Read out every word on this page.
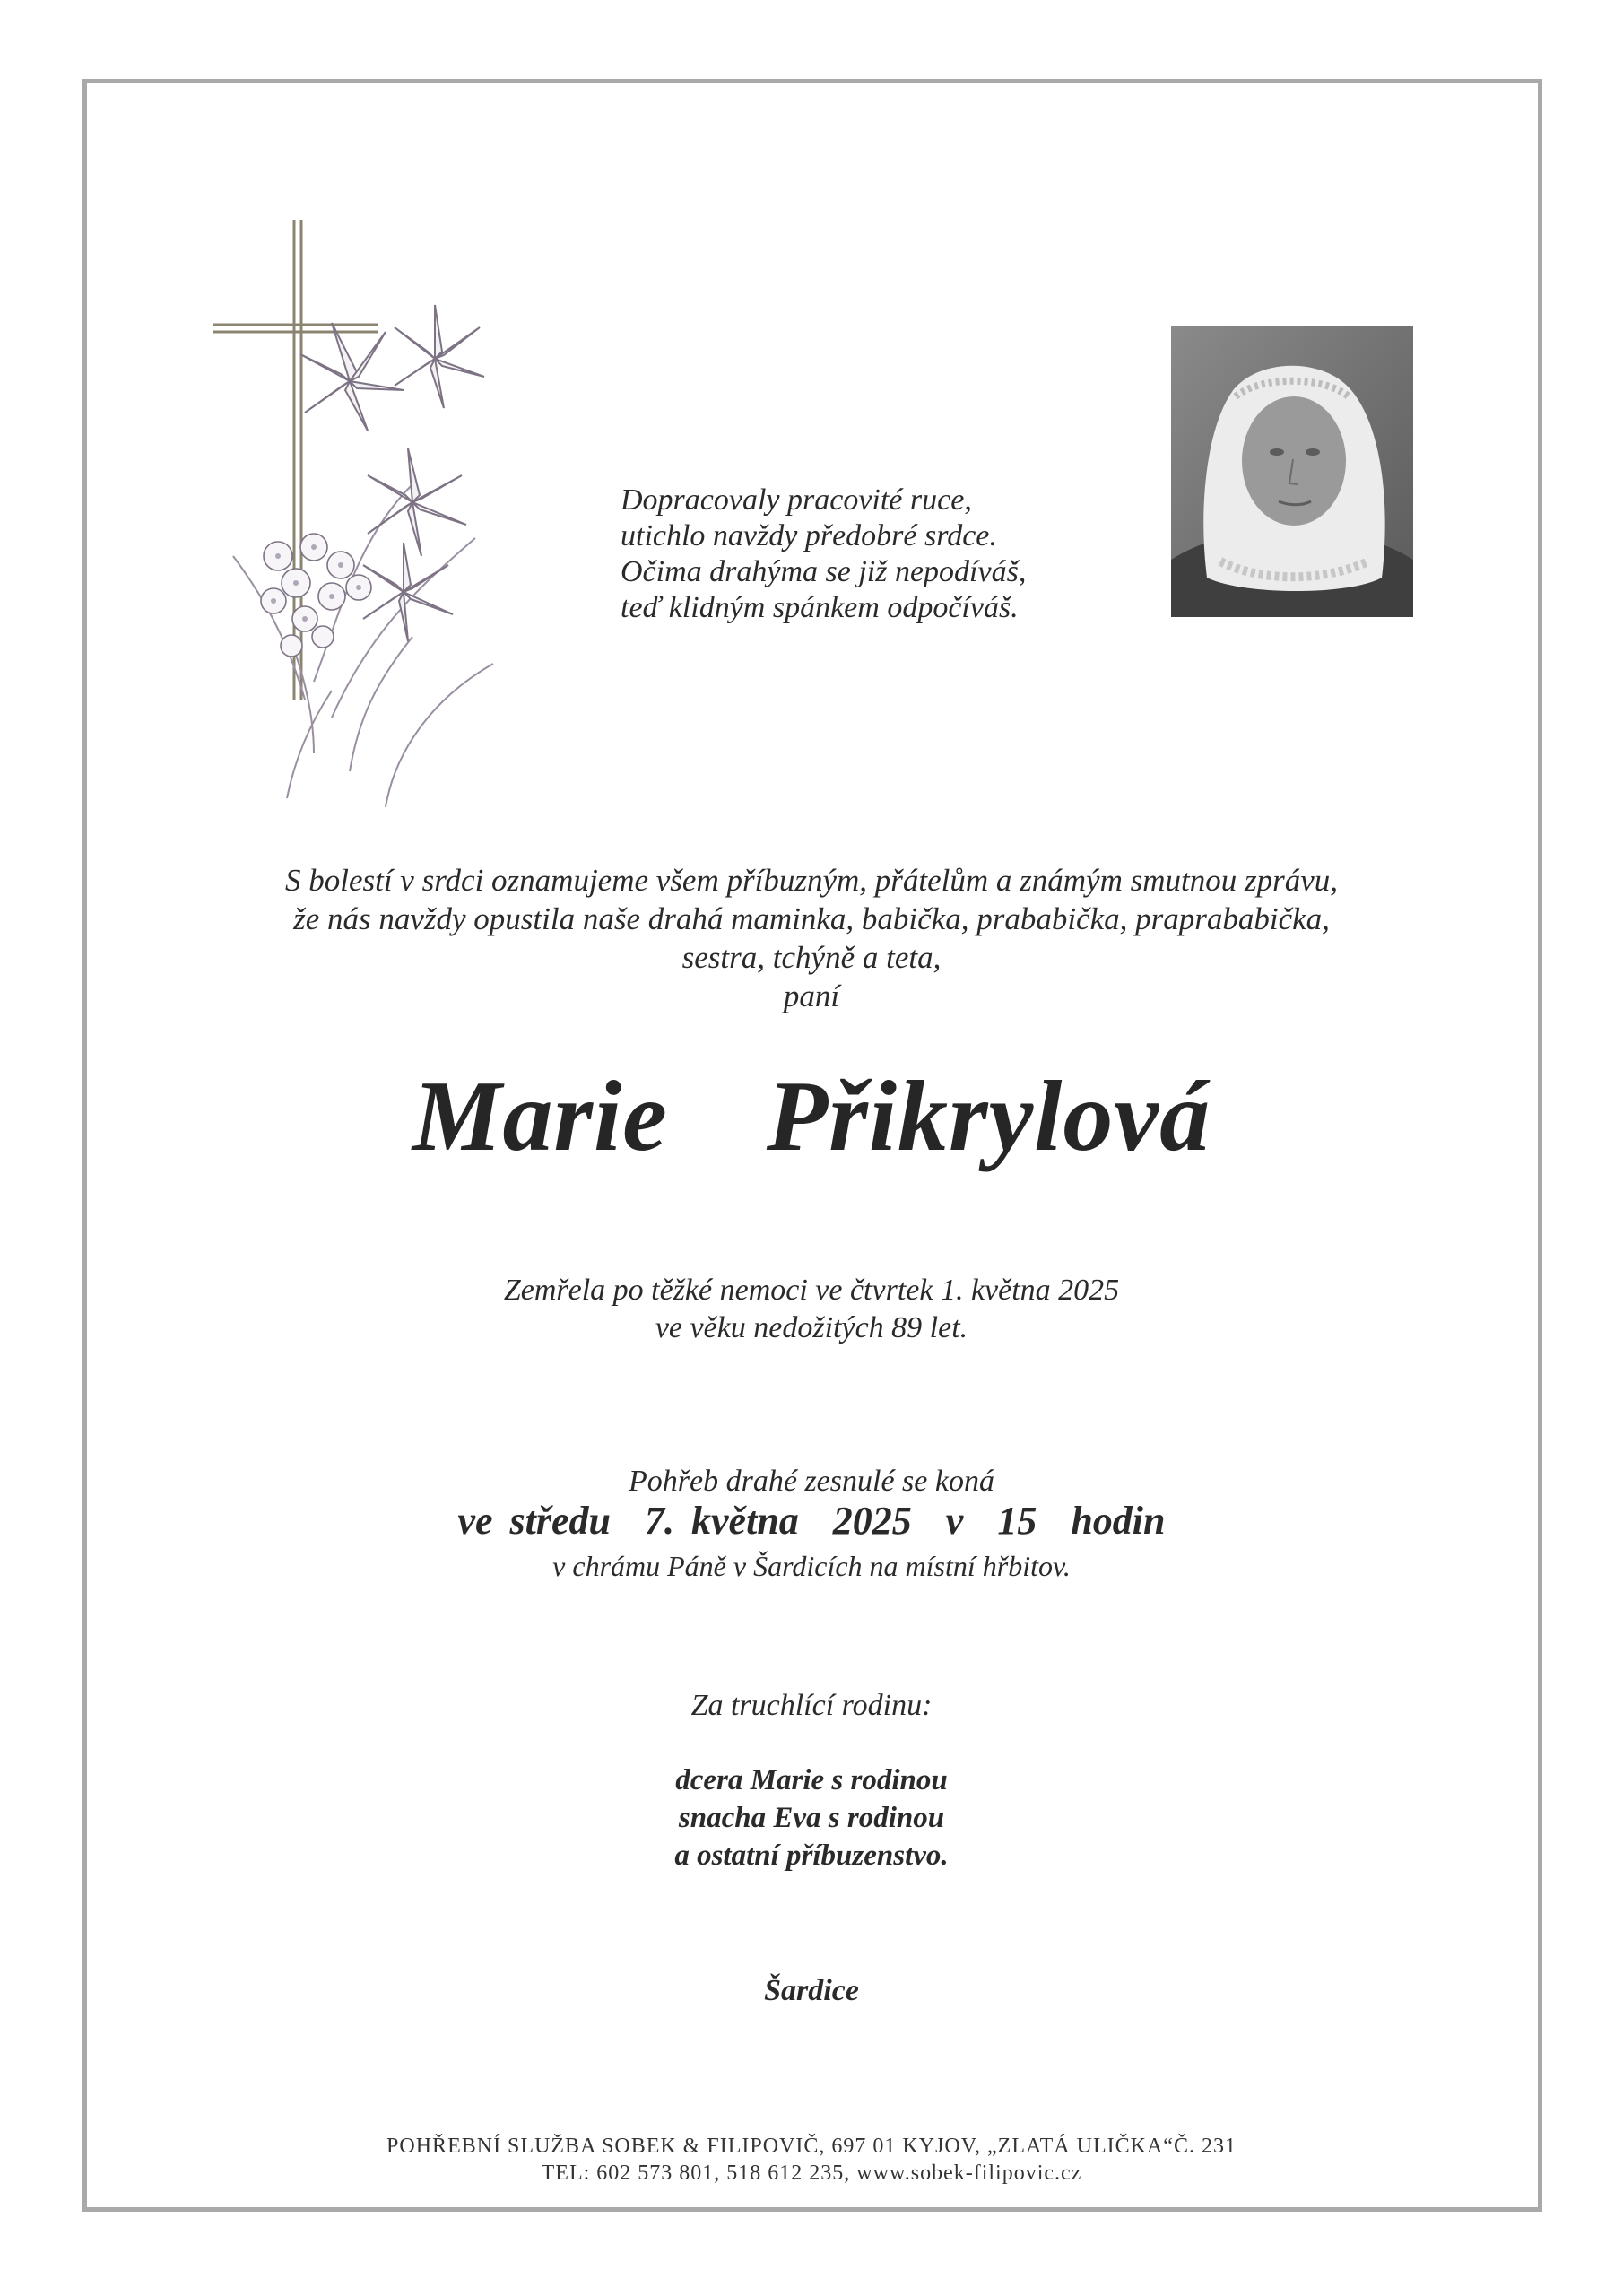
Dopracovaly pracovité ruce,
utichlo navždy předobré srdce.
Očima drahýma se již nepodíváš,
teď klidným spánkem odpočíváš.
S bolestí v srdci oznamujeme všem příbuzným, přátelům a známým smutnou zprávu,
že nás navždy opustila naše drahá maminka, babička, prababička, praprababička,
sestra, tchýně a teta,
paní
Marie  Přikrylová
Zemřela po těžké nemoci ve čtvrtek 1. května 2025
ve věku nedožitých 89 let.
Pohřeb drahé zesnulé se koná
ve středu  7. května  2025  v  15  hodin
v chrámu Páně v Šardicích na místní hřbitov.
Za truchlící rodinu:
dcera Marie s rodinou
snacha Eva s rodinou
a ostatní příbuzenstvo.
Šardice
POHŘEBNÍ SLUŽBA SOBEK & FILIPOVIČ, 697 01 KYJOV, „ZLATÁ ULIČKA“Č. 231
TEL: 602 573 801, 518 612 235, www.sobek-filipovic.cz
